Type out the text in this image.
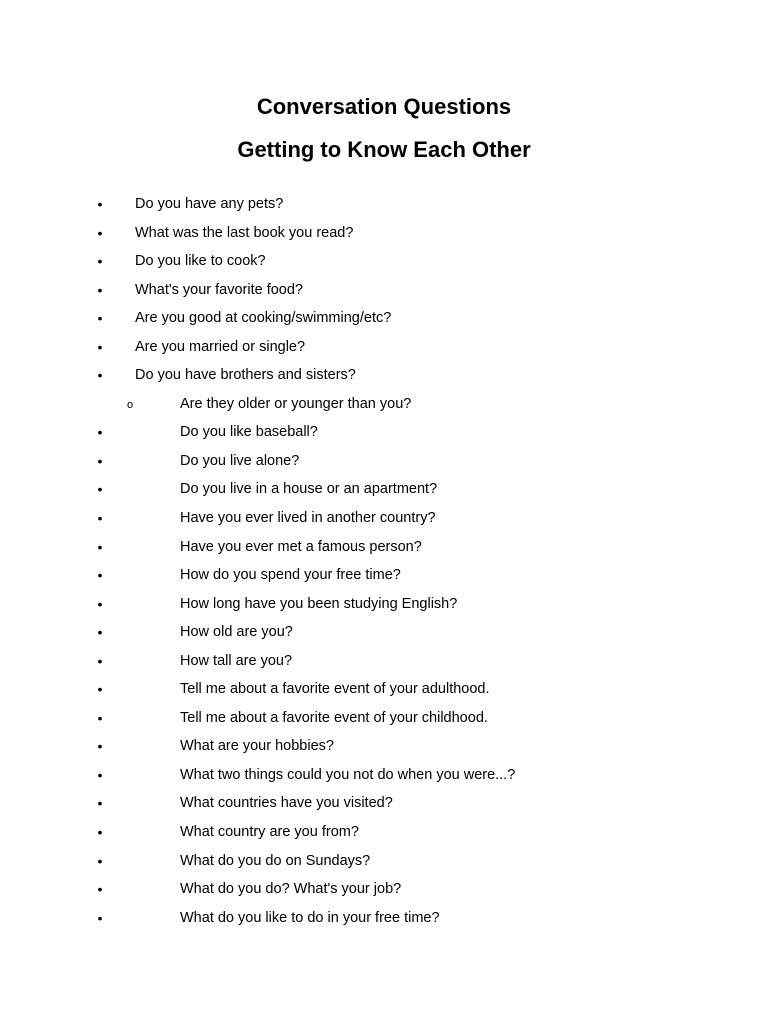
Conversation Questions
Getting to Know Each Other
• Do you have any pets?
• What was the last book you read?
• Do you like to cook?
• What's your favorite food?
• Are you good at cooking/swimming/etc?
• Are you married or single?
• Do you have brothers and sisters?
o	Are they older or younger than you?
•	Do you like baseball?
•	Do you live alone?
•	Do you live in a house or an apartment?
•	Have you ever lived in another country?
•	Have you ever met a famous person?
•	How do you spend your free time?
•	How long have you been studying English?
•	How old are you?
•	How tall are you?
•	Tell me about a favorite event of your adulthood.
•	Tell me about a favorite event of your childhood.
•	What are your hobbies?
•	What two things could you not do when you were...?
•	What countries have you visited?
•	What country are you from?
•	What do you do on Sundays?
•	What do you do? What's your job?
•	What do you like to do in your free time?
